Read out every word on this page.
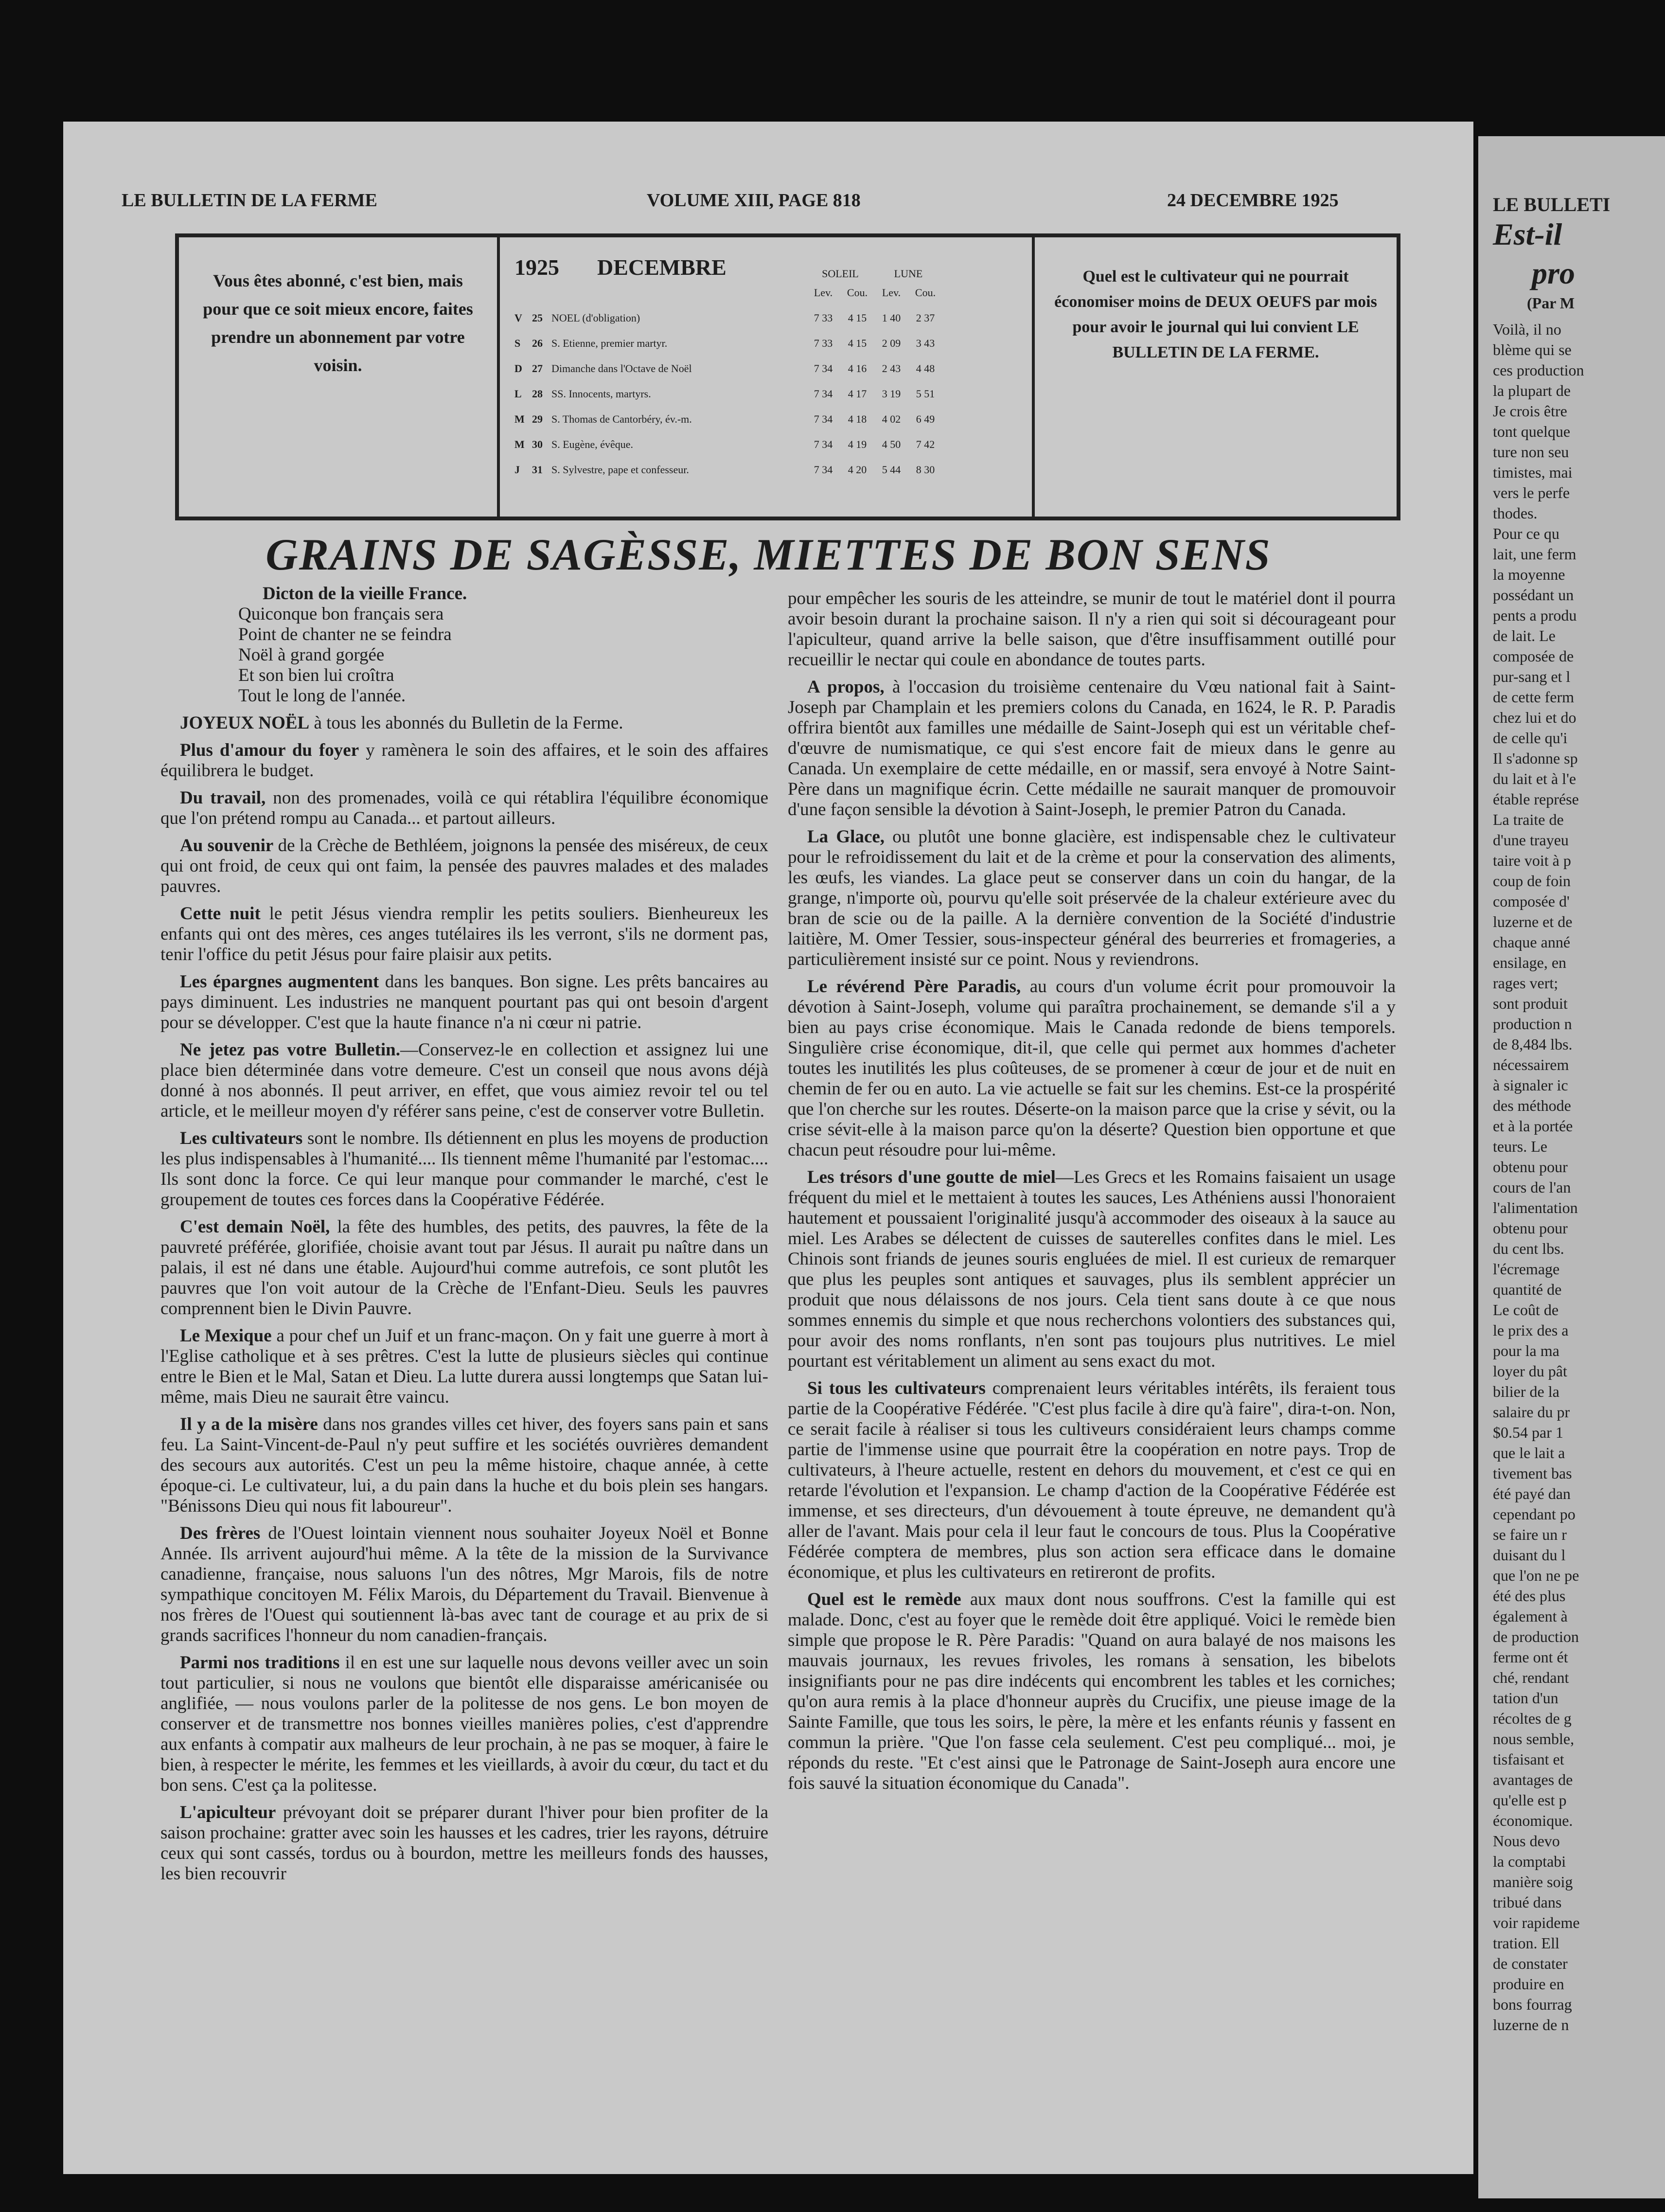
LE BULLETIN DE LA FERME	VOLUME XIII, PAGE 818	24 DECEMBRE 1925
Vous êtes abonné, c'est bien, mais pour que ce soit mieux encore, faites prendre un abonnement par votre voisin.
1925	DECEMBRE	SOLEIL	LUNE
Lev.	Cou.	Lev.	Cou.
V 25 NOEL (d'obligation)	7 33	4 15	1 40	2 37
S	26 S. Etienne, premier martyr.	7 33	4 15	2 09	3 43
D 27 Dimanche dans l'Octave de Noël	7 34	4 16	2 43	4 48
L 28 SS. Innocents, martyrs.	7 34	4 17	3 19	5 51
M 29 S. Thomas de Cantorbéry, év.-m.	7 34	4 18	4 02	6 49
M 30 S. Eugène, évêque.	7 34	4 19	4 50	7 42
J	31 S. Sylvestre, pape et confesseur.	7 34	4 20	5 44	8 30
Quel est le cultivateur qui ne pourrait économiser moins de DEUX OEUFS par mois pour avoir le journal qui lui convient LE BULLETIN DE LA FERME.
GRAINS DE SAGÈSSE, MIETTES DE BON SENS
Dicton de la vieille France.
Quiconque bon français sera
Point de chanter ne se feindra
Noël à grand gorgée
Et son bien lui croîtra
Tout le long de l'année.

JOYEUX NOËL à tous les abonnés du Bulletin de la Ferme.

Plus d'amour du foyer y ramènera le soin des affaires, et le soin des affaires équilibrera le budget.

Du travail, non des promenades, voilà ce qui rétablira l'équilibre économique que l'on prétend rompu au Canada... et partout ailleurs.

Au souvenir de la Crèche de Bethléem, joignons la pensée des miséreux, de ceux qui ont froid, de ceux qui ont faim, la pensée des pauvres malades et des malades pauvres.

Cette nuit le petit Jésus viendra remplir les petits souliers. Bienheureux les enfants qui ont des mères, ces anges tutélaires ils les verront, s'ils ne dorment pas, tenir l'office du petit Jésus pour faire plaisir aux petits.

Les épargnes augmentent dans les banques. Bon signe. Les prêts bancaires au pays diminuent. Les industries ne manquent pourtant pas qui ont besoin d'argent pour se développer. C'est que la haute finance n'a ni cœur ni patrie.

Ne jetez pas votre Bulletin.—Conservez-le en collection et assignez lui une place bien déterminée dans votre demeure. C'est un conseil que nous avons déjà donné à nos abonnés. Il peut arriver, en effet, que vous aimiez revoir tel ou tel article, et le meilleur moyen d'y référer sans peine, c'est de conserver votre Bulletin.

Les cultivateurs sont le nombre. Ils détiennent en plus les moyens de production les plus indispensables à l'humanité.... Ils tiennent même l'humanité par l'estomac.... Ils sont donc la force. Ce qui leur manque pour commander le marché, c'est le groupement de toutes ces forces dans la Coopérative Fédérée.

C'est demain Noël, la fête des humbles, des petits, des pauvres, la fête de la pauvreté préférée, glorifiée, choisie avant tout par Jésus. Il aurait pu naître dans un palais, il est né dans une étable. Aujourd'hui comme autrefois, ce sont plutôt les pauvres que l'on voit autour de la Crèche de l'Enfant-Dieu. Seuls les pauvres comprennent bien le Divin Pauvre.

Le Mexique a pour chef un Juif et un franc-maçon. On y fait une guerre à mort à l'Eglise catholique et à ses prêtres. C'est la lutte de plusieurs siècles qui continue entre le Bien et le Mal, Satan et Dieu. La lutte durera aussi longtemps que Satan lui-même, mais Dieu ne saurait être vaincu.

Il y a de la misère dans nos grandes villes cet hiver, des foyers sans pain et sans feu. La Saint-Vincent-de-Paul n'y peut suffire et les sociétés ouvrières demandent des secours aux autorités. C'est un peu la même histoire, chaque année, à cette époque-ci. Le cultivateur, lui, a du pain dans la huche et du bois plein ses hangars. "Bénissons Dieu qui nous fit laboureur".

Des frères de l'Ouest lointain viennent nous souhaiter Joyeux Noël et Bonne Année. Ils arrivent aujourd'hui même. A la tête de la mission de la Survivance canadienne, française, nous saluons l'un des nôtres, Mgr Marois, fils de notre sympathique concitoyen M. Félix Marois, du Département du Travail. Bienvenue à nos frères de l'Ouest qui soutiennent là-bas avec tant de courage et au prix de si grands sacrifices l'honneur du nom canadien-français.

Parmi nos traditions il en est une sur laquelle nous devons veiller avec un soin tout particulier, si nous ne voulons que bientôt elle disparaisse américanisée ou anglifiée, — nous voulons parler de la politesse de nos gens. Le bon moyen de conserver et de transmettre nos bonnes vieilles manières polies, c'est d'apprendre aux enfants à compatir aux malheurs de leur prochain, à ne pas se moquer, à faire le bien, à respecter le mérite, les femmes et les vieillards, à avoir du cœur, du tact et du bon sens. C'est ça la politesse.

L'apiculteur prévoyant doit se préparer durant l'hiver pour bien profiter de la saison prochaine: gratter avec soin les hausses et les cadres, trier les rayons, détruire ceux qui sont cassés, tordus ou à bourdon, mettre les meilleurs fonds des hausses, les bien recouvrir

pour empêcher les souris de les atteindre, se munir de tout le matériel dont il pourra avoir besoin durant la prochaine saison. Il n'y a rien qui soit si décourageant pour l'apiculteur, quand arrive la belle saison, que d'être insuffisamment outillé pour recueillir le nectar qui coule en abondance de toutes parts.

A propos, à l'occasion du troisième centenaire du Vœu national fait à Saint-Joseph par Champlain et les premiers colons du Canada, en 1624, le R. P. Paradis offrira bientôt aux familles une médaille de Saint-Joseph qui est un véritable chef-d'œuvre de numismatique, ce qui s'est encore fait de mieux dans le genre au Canada. Un exemplaire de cette médaille, en or massif, sera envoyé à Notre Saint-Père dans un magnifique écrin. Cette médaille ne saurait manquer de promouvoir d'une façon sensible la dévotion à Saint-Joseph, le premier Patron du Canada.

La Glace, ou plutôt une bonne glacière, est indispensable chez le cultivateur pour le refroidissement du lait et de la crème et pour la conservation des aliments, les œufs, les viandes. La glace peut se conserver dans un coin du hangar, de la grange, n'importe où, pourvu qu'elle soit préservée de la chaleur extérieure avec du bran de scie ou de la paille. A la dernière convention de la Société d'industrie laitière, M. Omer Tessier, sous-inspecteur général des beurreries et fromageries, a particulièrement insisté sur ce point. Nous y reviendrons.

Le révérend Père Paradis, au cours d'un volume écrit pour promouvoir la dévotion à Saint-Joseph, volume qui paraîtra prochainement, se demande s'il a y bien au pays crise économique. Mais le Canada redonde de biens temporels. Singulière crise économique, dit-il, que celle qui permet aux hommes d'acheter toutes les inutilités les plus coûteuses, de se promener à cœur de jour et de nuit en chemin de fer ou en auto. La vie actuelle se fait sur les chemins. Est-ce la prospérité que l'on cherche sur les routes. Déserte-on la maison parce que la crise y sévit, ou la crise sévit-elle à la maison parce qu'on la déserte? Question bien opportune et que chacun peut résoudre pour lui-même.

Les trésors d'une goutte de miel—Les Grecs et les Romains faisaient un usage fréquent du miel et le mettaient à toutes les sauces, Les Athéniens aussi l'honoraient hautement et poussaient l'originalité jusqu'à accommoder des oiseaux à la sauce au miel. Les Arabes se délectent de cuisses de sauterelles confites dans le miel. Les Chinois sont friands de jeunes souris engluées de miel. Il est curieux de remarquer que plus les peuples sont antiques et sauvages, plus ils semblent apprécier un produit que nous délaissons de nos jours. Cela tient sans doute à ce que nous sommes ennemis du simple et que nous recherchons volontiers des substances qui, pour avoir des noms ronflants, n'en sont pas toujours plus nutritives. Le miel pourtant est véritablement un aliment au sens exact du mot.

Si tous les cultivateurs comprenaient leurs véritables intérêts, ils feraient tous partie de la Coopérative Fédérée. "C'est plus facile à dire qu'à faire", dira-t-on. Non, ce serait facile à réaliser si tous les cultiveurs considéraient leurs champs comme partie de l'immense usine que pourrait être la coopération en notre pays. Trop de cultivateurs, à l'heure actuelle, restent en dehors du mouvement, et c'est ce qui en retarde l'évolution et l'expansion. Le champ d'action de la Coopérative Fédérée est immense, et ses directeurs, d'un dévouement à toute épreuve, ne demandent qu'à aller de l'avant. Mais pour cela il leur faut le concours de tous. Plus la Coopérative Fédérée comptera de membres, plus son action sera efficace dans le domaine économique, et plus les cultivateurs en retireront de profits.

Quel est le remède aux maux dont nous souffrons. C'est la famille qui est malade. Donc, c'est au foyer que le remède doit être appliqué. Voici le remède bien simple que propose le R. Père Paradis: "Quand on aura balayé de nos maisons les mauvais journaux, les revues frivoles, les romans à sensation, les bibelots insignifiants pour ne pas dire indécents qui encombrent les tables et les corniches; qu'on aura remis à la place d'honneur auprès du Crucifix, une pieuse image de la Sainte Famille, que tous les soirs, le père, la mère et les enfants réunis y fassent en commun la prière. "Que l'on fasse cela seulement. C'est peu compliqué... moi, je réponds du reste. "Et c'est ainsi que le Patronage de Saint-Joseph aura encore une fois sauvé la situation économique du Canada".

LE BULLETI
Est-il
pro
(Par M
Voilà, il no
blème qui se
ces production
la plupart de
Je crois être
tont quelque
ture non seu
timistes, mai
vers le perfe
thodes.
Pour ce qu
lait, une ferm
la moyenne
possédant un
pents a produ
de lait. Le
composée de
pur-sang et l
de cette ferm
chez lui et do
de celle qu'i
Il s'adonne sp
du lait et à l'e
étable représe
La traite de
d'une trayeu
taire voit à p
coup de foin
composée d'
luzerne et de
chaque anné
ensilage, en
rages vert;
sont produit
production n
de 8,484 lbs.
nécessairem
à signaler ic
des méthode
et à la portée
teurs. Le
obtenu pour
cours de l'an
l'alimentation
obtenu pour
du cent lbs.
l'écremage
quantité de
Le coût de
le prix des a
pour la ma
loyer du pât
bilier de la
salaire du pr
$0.54 par 1
que le lait a
tivement bas
été payé dan
cependant po
se faire un r
duisant du l
que l'on ne pe
été des plus
également à
de production
ferme ont ét
ché, rendant
tation d'un
récoltes de g
nous semble,
tisfaisant et
avantages de
qu'elle est p
économique.
Nous devo
la comptabi
manière soig
tribué dans
voir rapideme
tration. Ell
de constater
produire en
bons fourrag
luzerne de n
